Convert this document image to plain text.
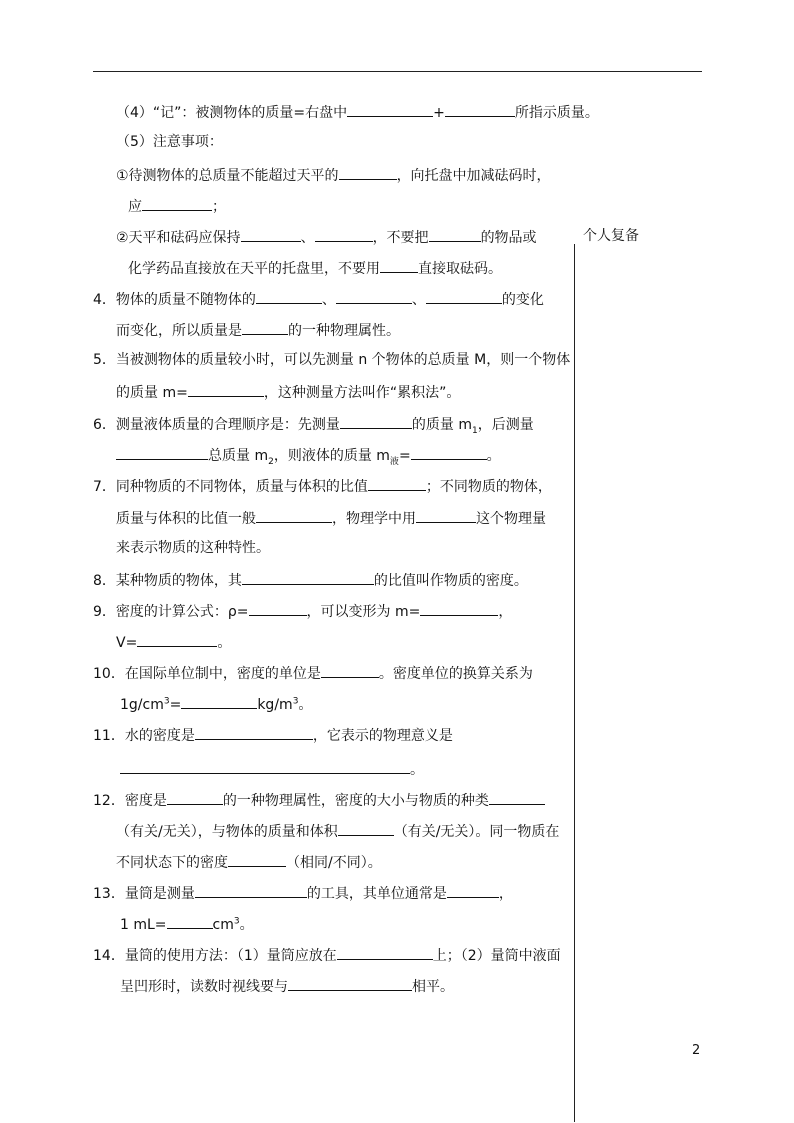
个人复备
（4）“记”：被测物体的质量=右盘中	+	所指示质量。
（5）注意事项：
①待测物体的总质量不能超过天平的	，向托盘中加减砝码时，
应	；
②天平和砝码应保持	、	，不要把	的物品或
化学药品直接放在天平的托盘里，不要用	直接取砝码。
4．物体的质量不随物体的	、	、	的变化
而变化，所以质量是	的一种物理属性。
5．当被测物体的质量较小时，可以先测量 n 个物体的总质量 M，则一个物体
的质量 m=	，这种测量方法叫作“累积法”。
6．测量液体质量的合理顺序是：先测量	的质量 $m_1$，后测量
总质量 $m_2$，则液体的质量 $m_液=$	。
7．同种物质的不同物体，质量与体积的比值	；不同物质的物体，
质量与体积的比值一般	，物理学中用	这个物理量
来表示物质的这种特性。
8．某种物质的物体，其	的比值叫作物质的密度。
9．密度的计算公式：ρ=	，可以变形为 m=	，
V=	。
10．在国际单位制中，密度的单位是	。密度单位的换算关系为
$1g/cm^3=$	$kg/m^3$。
11．水的密度是	，它表示的物理意义是
。
12．密度是	的一种物理属性，密度的大小与物质的种类
（有关/无关），与物体的质量和体积	（有关/无关）。同一物质在
不同状态下的密度	（相同/不同）。
13．量筒是测量	的工具，其单位通常是	，
1 mL=	$cm^3$。
14．量筒的使用方法：（1）量筒应放在	上；（2）量筒中液面
呈凹形时，读数时视线要与	相平。
2
